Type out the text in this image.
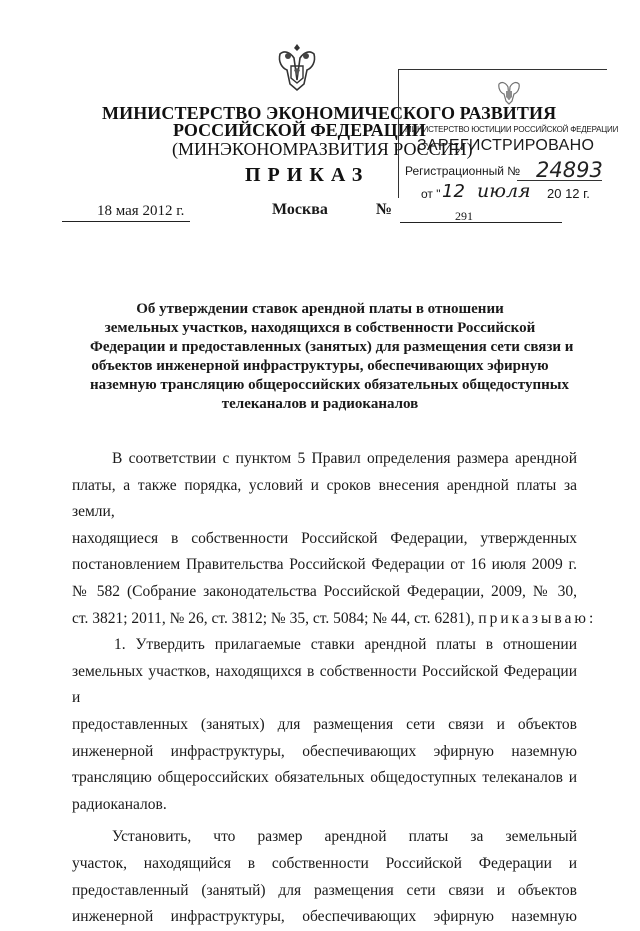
МИНИСТЕРСТВО ЭКОНОМИЧЕСКОГО РАЗВИТИЯ
РОССИЙСКОЙ ФЕДЕРАЦИИ
(МИНЭКОНОМРАЗВИТИЯ РОССИИ)
ПРИКАЗ
18 мая 2012 г.	Москва	№	291
МИНИСТЕРСТВО ЮСТИЦИИ РОССИЙСКОЙ ФЕДЕРАЦИИ
ЗАРЕГИСТРИРОВАНО
Регистрационный № 24893
от " 12 июля 20 12 г.
Об утверждении ставок арендной платы в отношении
земельных участков, находящихся в собственности Российской
Федерации и предоставленных (занятых) для размещения сети связи и
объектов инженерной инфраструктуры, обеспечивающих эфирную
наземную трансляцию общероссийских обязательных общедоступных
телеканалов и радиоканалов
В соответствии с пунктом 5 Правил определения размера арендной
платы, а также порядка, условий и сроков внесения арендной платы за земли,
находящиеся в собственности Российской Федерации, утвержденных
постановлением Правительства Российской Федерации от 16 июля 2009 г.
№ 582 (Собрание законодательства Российской Федерации, 2009, № 30,
ст. 3821; 2011, № 26, ст. 3812; № 35, ст. 5084; № 44, ст. 6281), приказываю:
1. Утвердить прилагаемые ставки арендной платы в отношении
земельных участков, находящихся в собственности Российской Федерации и
предоставленных (занятых) для размещения сети связи и объектов
инженерной инфраструктуры, обеспечивающих эфирную наземную
трансляцию общероссийских обязательных общедоступных телеканалов и
радиоканалов.
Установить, что размер арендной платы за земельный
участок, находящийся в собственности Российской Федерации и
предоставленный (занятый) для размещения сети связи и объектов
инженерной инфраструктуры, обеспечивающих эфирную наземную
